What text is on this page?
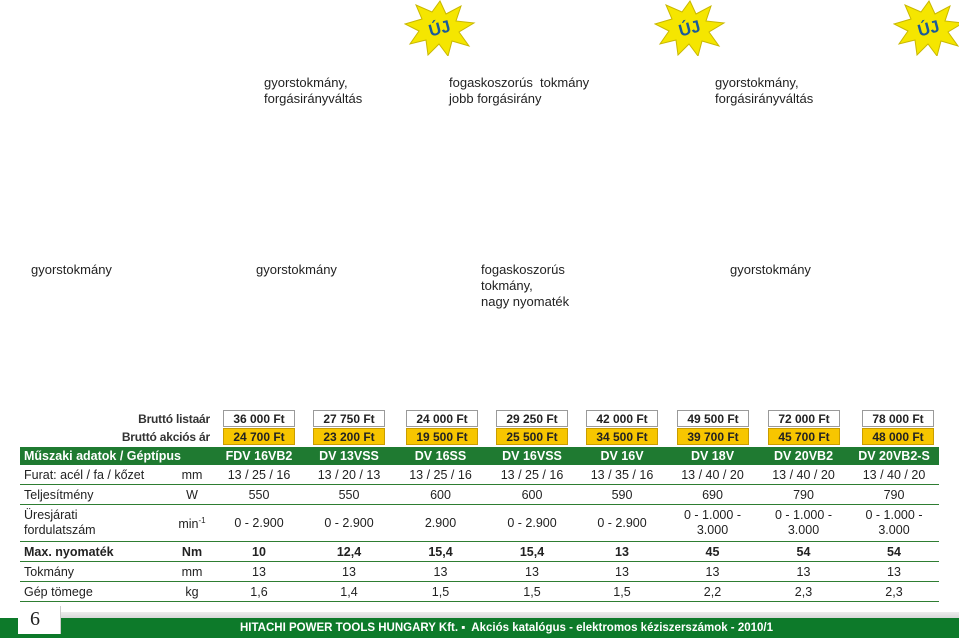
ÚJ	ÚJ	ÚJ
gyorstokmány,
forgásirányváltás
fogaskoszorús  tokmány
jobb forgásirány
gyorstokmány,
forgásirányváltás
gyorstokmány	gyorstokmány	fogaskoszorús
tokmány,
nagy nyomaték
gyorstokmány
Bruttó listaár
Bruttó akciós ár
36 000 Ft	27 750 Ft	24 000 Ft	29 250 Ft	42 000 Ft	49 500 Ft	72 000 Ft	78 000 Ft
24 700 Ft	23 200 Ft	19 500 Ft	25 500 Ft	34 500 Ft	39 700 Ft	45 700 Ft	48 000 Ft
Műszaki adatok / Géptípus		FDV 16VB2	DV 13VSS	DV 16SS	DV 16VSS	DV 16V	DV 18V	DV 20VB2	DV 20VB2-S
Furat: acél / fa / kőzet	mm	13 / 25 / 16	13 / 20 / 13	13 / 25 / 16	13 / 25 / 16	13 / 35 / 16	13 / 40 / 20	13 / 40 / 20	13 / 40 / 20
Teljesítmény	W	550	550	600	600	590	690	790	790

Üresjárati fordulatszám	$\min^{-1}$	0 - 2.900	0 - 2.900	2.900	0 - 2.900	0 - 2.900	0 - 1.000 - 3.000	0 - 1.000 - 3.000	0 - 1.000 - 3.000
Max. nyomaték	Nm	10	12,4	15,4	15,4	13	45	54	54
Tokmány	mm	13	13	13	13	13	13	13	13
Gép tömege	kg	1,6	1,4	1,5	1,5	1,5	2,2	2,3	2,3
6	HITACHI POWER TOOLS HUNGARY Kft. ▪  Akciós katalógus - elektromos kéziszerszámok - 2010/1
